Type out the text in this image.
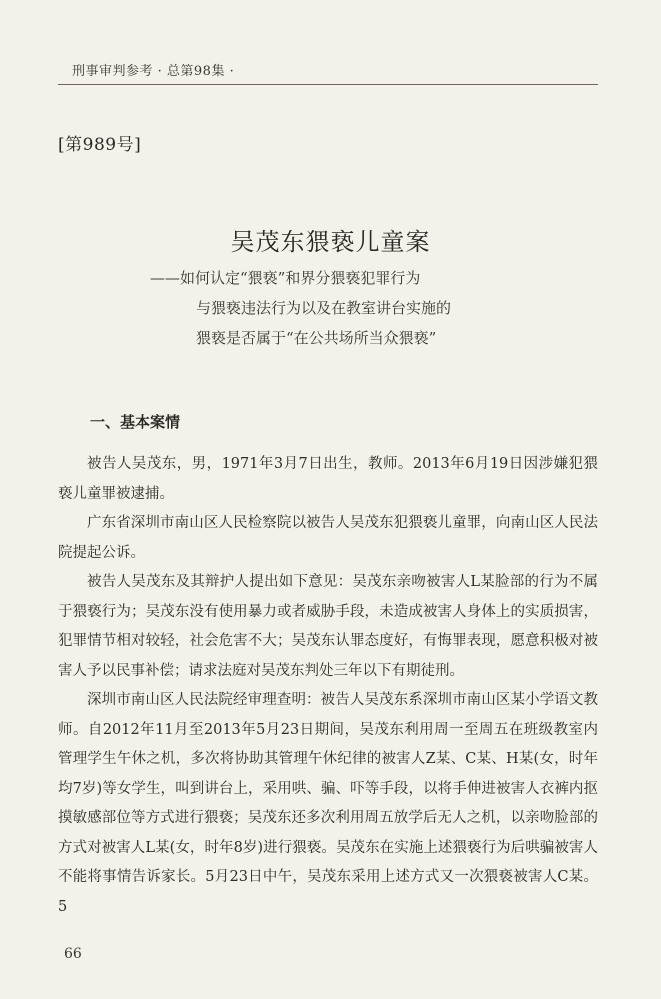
刑事审判参考 · 总第98集 ·
[第989号]
吴茂东猥亵儿童案
——如何认定“猥亵”和界分猥亵犯罪行为
与猥亵违法行为以及在教室讲台实施的
猥亵是否属于“在公共场所当众猥亵”
一、基本案情

被告人吴茂东，男，1971年3月7日出生，教师。2013年6月19日因涉嫌犯猥亵儿童罪被逮捕。

广东省深圳市南山区人民检察院以被告人吴茂东犯猥亵儿童罪，向南山区人民法院提起公诉。

被告人吴茂东及其辩护人提出如下意见：吴茂东亲吻被害人L某脸部的行为不属于猥亵行为；吴茂东没有使用暴力或者威胁手段，未造成被害人身体上的实质损害，犯罪情节相对较轻，社会危害不大；吴茂东认罪态度好，有悔罪表现，愿意积极对被害人予以民事补偿；请求法庭对吴茂东判处三年以下有期徒刑。

深圳市南山区人民法院经审理查明：被告人吴茂东系深圳市南山区某小学语文教师。自2012年11月至2013年5月23日期间，吴茂东利用周一至周五在班级教室内管理学生午休之机，多次将协助其管理午休纪律的被害人Z某、C某、H某(女，时年均7岁)等女学生，叫到讲台上，采用哄、骗、吓等手段，以将手伸进被害人衣裤内抠摸敏感部位等方式进行猥亵；吴茂东还多次利用周五放学后无人之机，以亲吻脸部的方式对被害人L某(女，时年8岁)进行猥亵。吴茂东在实施上述猥亵行为后哄骗被害人不能将事情告诉家长。5月23日中午，吴茂东采用上述方式又一次猥亵被害人C某。5

66
